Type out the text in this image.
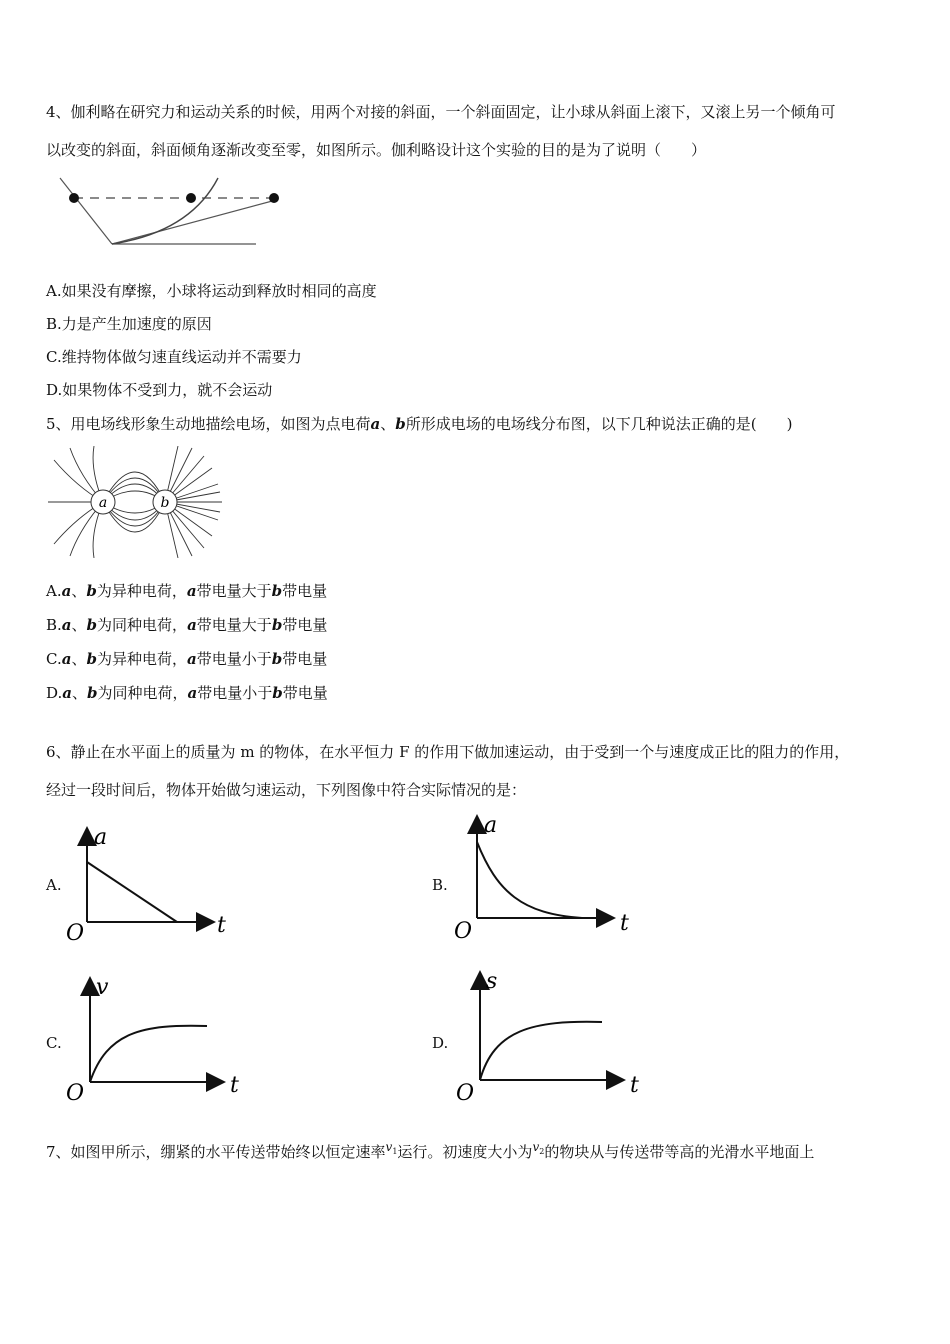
4、伽利略在研究力和运动关系的时候，用两个对接的斜面，一个斜面固定，让小球从斜面上滚下，又滚上另一个倾角可
以改变的斜面，斜面倾角逐渐改变至零，如图所示。伽利略设计这个实验的目的是为了说明（　　）
A.如果没有摩擦，小球将运动到释放时相同的高度
B.力是产生加速度的原因
C.维持物体做匀速直线运动并不需要力
D.如果物体不受到力，就不会运动
5、用电场线形象生动地描绘电场，如图为点电荷a、b所形成电场的电场线分布图，以下几种说法正确的是(　　)
a	b
A.a、b为异种电荷，a带电量大于b带电量
B.a、b为同种电荷，a带电量大于b带电量
C.a、b为异种电荷，a带电量小于b带电量
D.a、b为同种电荷，a带电量小于b带电量
6、静止在水平面上的质量为 m 的物体，在水平恒力 F 的作用下做加速运动，由于受到一个与速度成正比的阻力的作用，
经过一段时间后，物体开始做匀速运动，下列图像中符合实际情况的是：
A.
a
t
O
B.
a
t
O
C.
v
t
O
D.
s
t
O
7、如图甲所示，绷紧的水平传送带始终以恒定速率$^{v_1}$运行。初速度大小为$^{v_2}$的物块从与传送带等高的光滑水平地面上
